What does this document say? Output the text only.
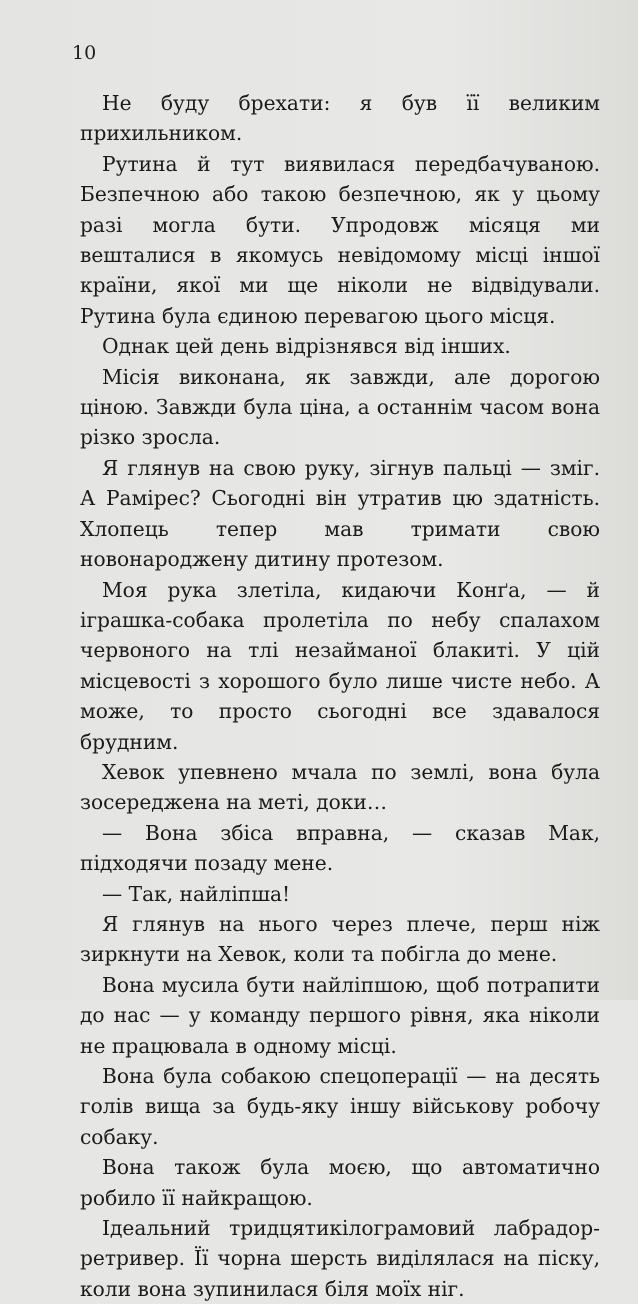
10

Не буду брехати: я був її великим прихильником.

Рутина й тут виявилася передбачуваною. Безпечною або такою безпечною, як у цьому разі могла бути. Упродовж місяця ми вешталися в якомусь невідомому місці іншої країни, якої ми ще ніколи не відвідували. Рутина була єдиною перевагою цього місця.

Однак цей день відрізнявся від інших.

Місія виконана, як завжди, але дорогою ціною. Завжди була ціна, а останнім часом вона різко зросла.

Я глянув на свою руку, зігнув пальці — зміг. А Рамірес? Сьогодні він утратив цю здатність. Хлопець тепер мав тримати свою новонароджену дитину протезом.

Моя рука злетіла, кидаючи Конґа, — й іграшка-собака пролетіла по небу спалахом червоного на тлі незайманої блакиті. У цій місцевості з хорошого було лише чисте небо. А може, то просто сьогодні все здавалося брудним.

Хевок упевнено мчала по землі, вона була зосереджена на меті, доки…

— Вона збіса вправна, — сказав Мак, підходячи позаду мене.

— Так, найліпша!

Я глянув на нього через плече, перш ніж зиркнути на Хевок, коли та побігла до мене.

Вона мусила бути найліпшою, щоб потрапити до нас — у команду першого рівня, яка ніколи не працювала в одному місці.

Вона була собакою спецоперації — на десять голів вища за будь-яку іншу військову робочу собаку.

Вона також була моєю, що автоматично робило її найкращою.

Ідеальний тридцятикілограмовий лабрадор-ретривер. Її чорна шерсть виділялася на піску, коли вона зупинилася біля моїх ніг.
